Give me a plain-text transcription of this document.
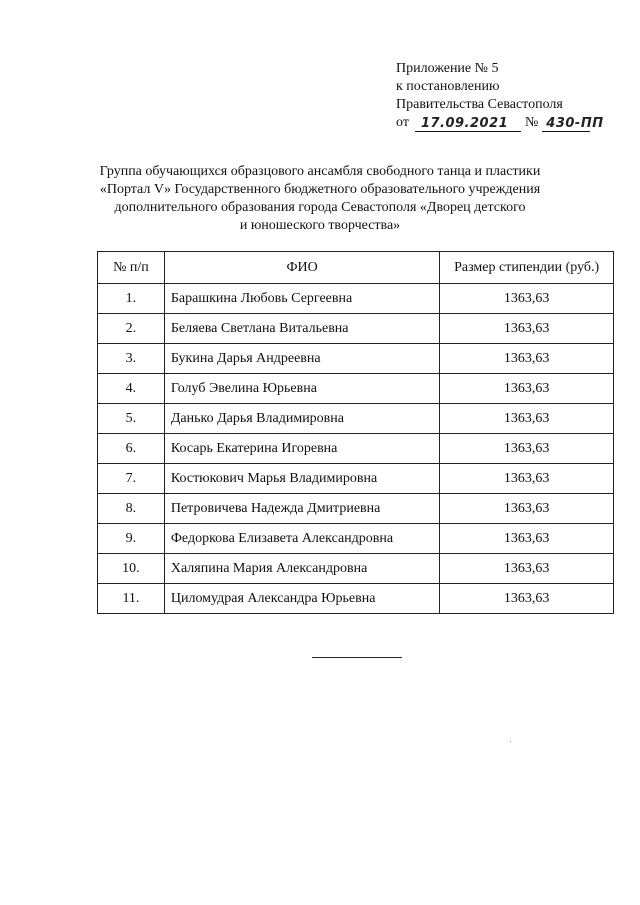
Приложение № 5
к постановлению
Правительства Севастополя
от 17.09.2021	№ 430-ПП
Группа обучающихся образцового ансамбля свободного танца и пластики
«Портал V» Государственного бюджетного образовательного учреждения
дополнительного образования города Севастополя «Дворец детского
и юношеского творчества»
№ п/п	ФИО	Размер стипендии (руб.)
1.	Барашкина Любовь Сергеевна	1363,63
2.	Беляева Светлана Витальевна	1363,63
3.	Букина Дарья Андреевна	1363,63
4.	Голуб Эвелина Юрьевна	1363,63
5.	Данько Дарья Владимировна	1363,63
6.	Косарь Екатерина Игоревна	1363,63
7.	Костюкович Марья Владимировна	1363,63
8.	Петровичева Надежда Дмитриевна	1363,63
9.	Федоркова Елизавета Александровна	1363,63
10.	Халяпина Мария Александровна	1363,63
11.	Циломудрая Александра Юрьевна	1363,63
